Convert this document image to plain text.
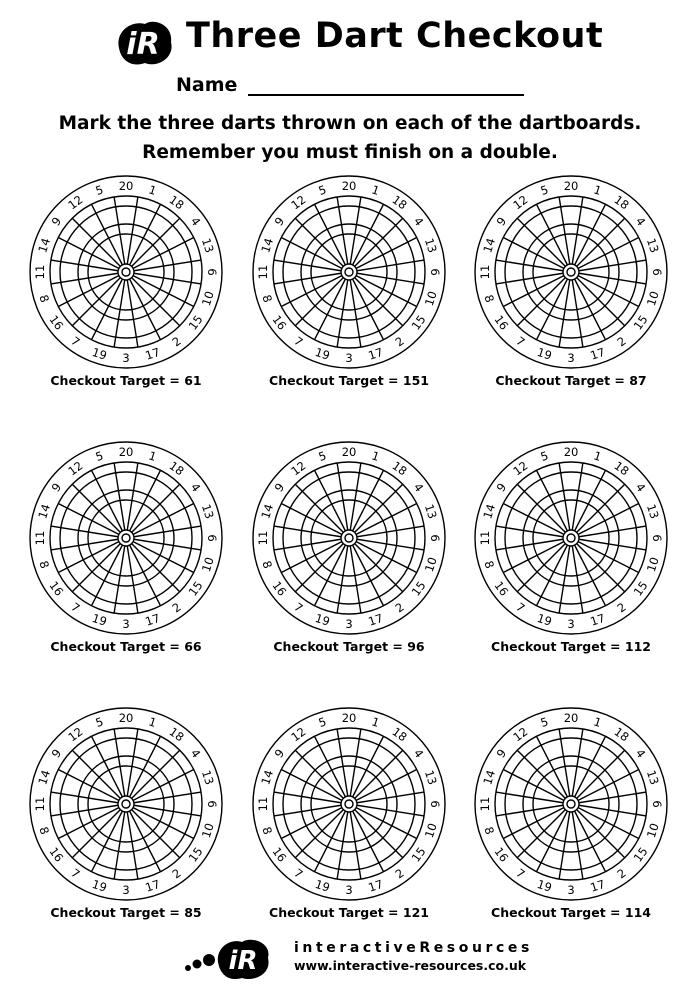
iR Three Dart Checkout
Name
Mark the three darts thrown on each of the dartboards.
Remember you must finish on a double.
20 1
18
4
13
6
10
15
2
17
3
19
7
16
8
11
14
9
12
5
Checkout Target = 61
20 1
18
4
13
6
10
15
2
17
3
19
7
16
8
11
14
9
12
5
Checkout Target = 151
20 1
18
4
13
6
10
15
2
17
3
19
7
16
8
11
14
9
12
5
Checkout Target = 87
20 1
18
4
13
6
10
15
2
17
3
19
7
16
8
11
14
9
12
5
Checkout Target = 66
20 1
18
4
13
6
10
15
2
17
3
19
7
16
8
11
14
9
12
5
Checkout Target = 96
20 1
18
4
13
6
10
15
2
17
3
19
7
16
8
11
14
9
12
5
Checkout Target = 112
20 1
18
4
13
6
10
15
2
17
3
19
7
16
8
11
14
9
12
5
Checkout Target = 85
20 1
18
4
13
6
10
15
2
17
3
19
7
16
8
11
14
9
12
5
Checkout Target = 121
20 1
18
4
13
6
10
15
2
17
3
19
7
16
8
11
14
9
12
5
Checkout Target = 114
iR	interactiveResources
www.interactive-resources.co.uk
